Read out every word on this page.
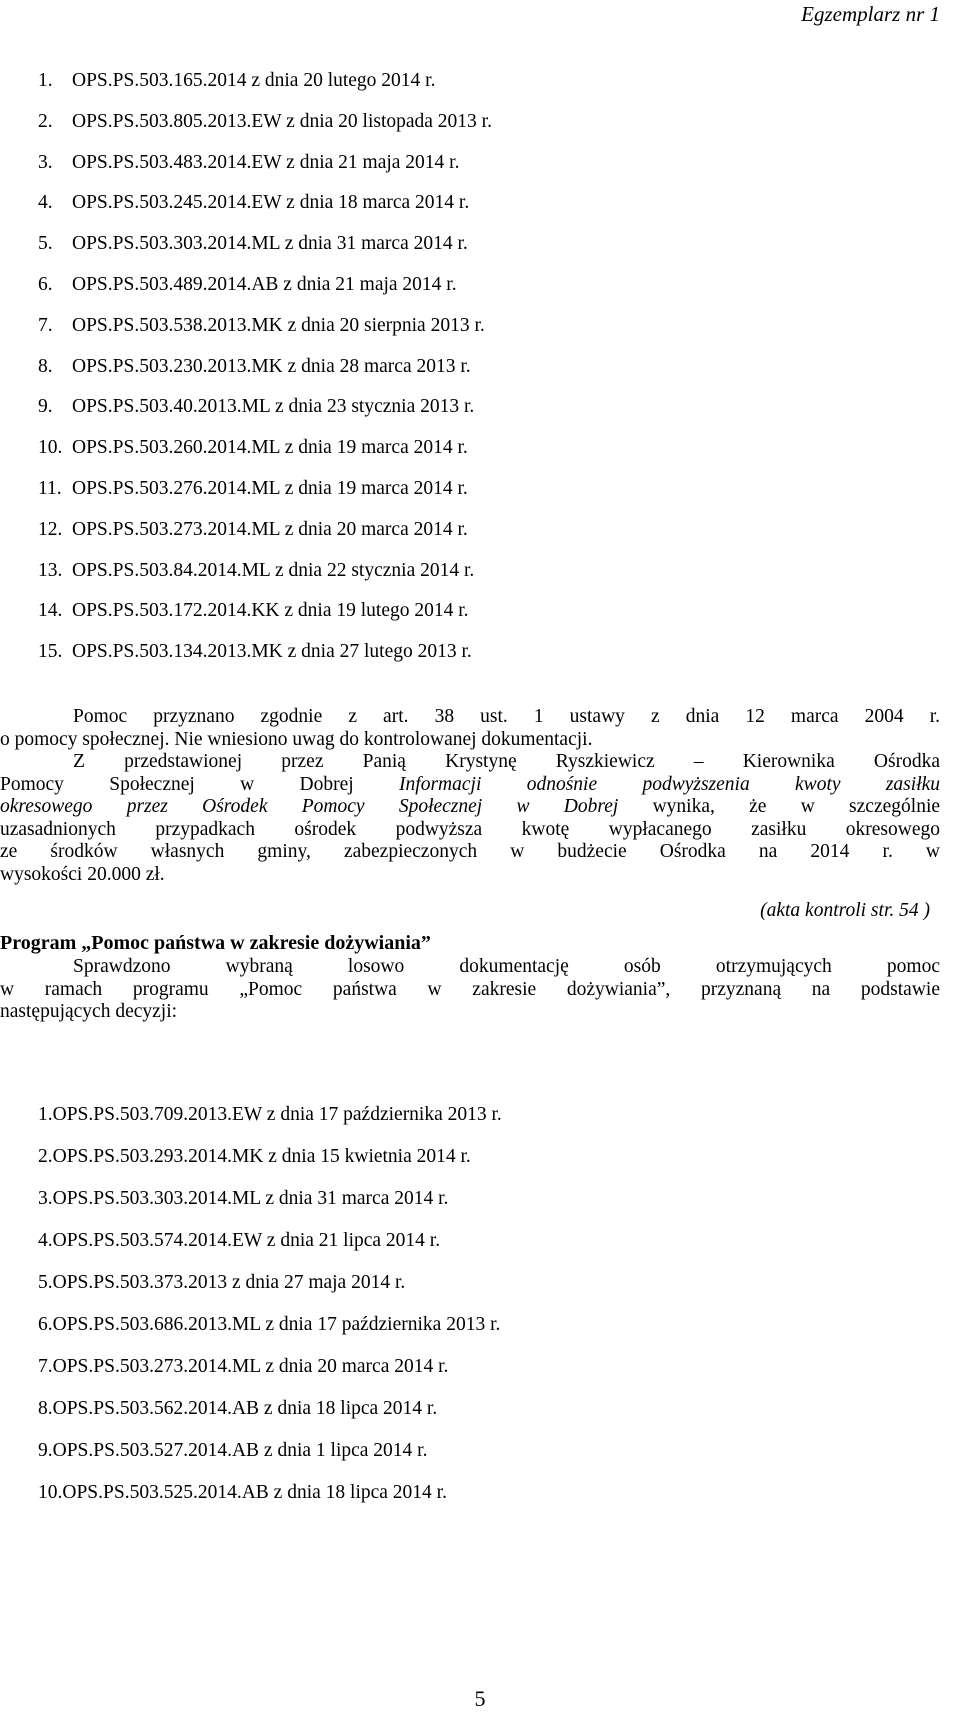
Egzemplarz nr 1
1. OPS.PS.503.165.2014 z dnia 20 lutego 2014 r.
2. OPS.PS.503.805.2013.EW z dnia 20 listopada 2013 r.
3. OPS.PS.503.483.2014.EW z dnia 21 maja 2014 r.
4. OPS.PS.503.245.2014.EW z dnia 18 marca 2014 r.
5. OPS.PS.503.303.2014.ML z dnia 31 marca 2014 r.
6. OPS.PS.503.489.2014.AB z dnia 21 maja 2014 r.
7. OPS.PS.503.538.2013.MK z dnia 20 sierpnia 2013 r.
8. OPS.PS.503.230.2013.MK z dnia 28 marca 2013 r.
9. OPS.PS.503.40.2013.ML z dnia 23 stycznia 2013 r.
10. OPS.PS.503.260.2014.ML z dnia 19 marca 2014 r.
11. OPS.PS.503.276.2014.ML z dnia 19 marca 2014 r.
12. OPS.PS.503.273.2014.ML z dnia 20 marca 2014 r.
13. OPS.PS.503.84.2014.ML z dnia 22 stycznia 2014 r.
14. OPS.PS.503.172.2014.KK z dnia 19 lutego 2014 r.
15. OPS.PS.503.134.2013.MK z dnia 27 lutego 2013 r.
Pomoc przyznano zgodnie z art. 38 ust. 1 ustawy z dnia 12 marca 2004 r.
o pomocy społecznej. Nie wniesiono uwag do kontrolowanej dokumentacji.
Z przedstawionej przez Panią Krystynę Ryszkiewicz – Kierownika Ośrodka
Pomocy Społecznej w Dobrej Informacji odnośnie podwyższenia kwoty zasiłku
okresowego przez Ośrodek Pomocy Społecznej w Dobrej wynika, że w szczególnie
uzasadnionych przypadkach ośrodek podwyższa kwotę wypłacanego zasiłku okresowego
ze środków własnych gminy, zabezpieczonych w budżecie Ośrodka na 2014 r. w
wysokości 20.000 zł.
(akta kontroli str. 54 )
Program „Pomoc państwa w zakresie dożywiania”
Sprawdzono wybraną losowo dokumentację osób otrzymujących pomoc
w ramach programu „Pomoc państwa w zakresie dożywiania”, przyznaną na podstawie
następujących decyzji:
1.OPS.PS.503.709.2013.EW z dnia 17 października 2013 r.
2.OPS.PS.503.293.2014.MK z dnia 15 kwietnia 2014 r.
3.OPS.PS.503.303.2014.ML z dnia 31 marca 2014 r.
4.OPS.PS.503.574.2014.EW z dnia 21 lipca 2014 r.
5.OPS.PS.503.373.2013 z dnia 27 maja 2014 r.
6.OPS.PS.503.686.2013.ML z dnia 17 października 2013 r.
7.OPS.PS.503.273.2014.ML z dnia 20 marca 2014 r.
8.OPS.PS.503.562.2014.AB z dnia 18 lipca 2014 r.
9.OPS.PS.503.527.2014.AB z dnia 1 lipca 2014 r.
10.OPS.PS.503.525.2014.AB z dnia 18 lipca 2014 r.
5
